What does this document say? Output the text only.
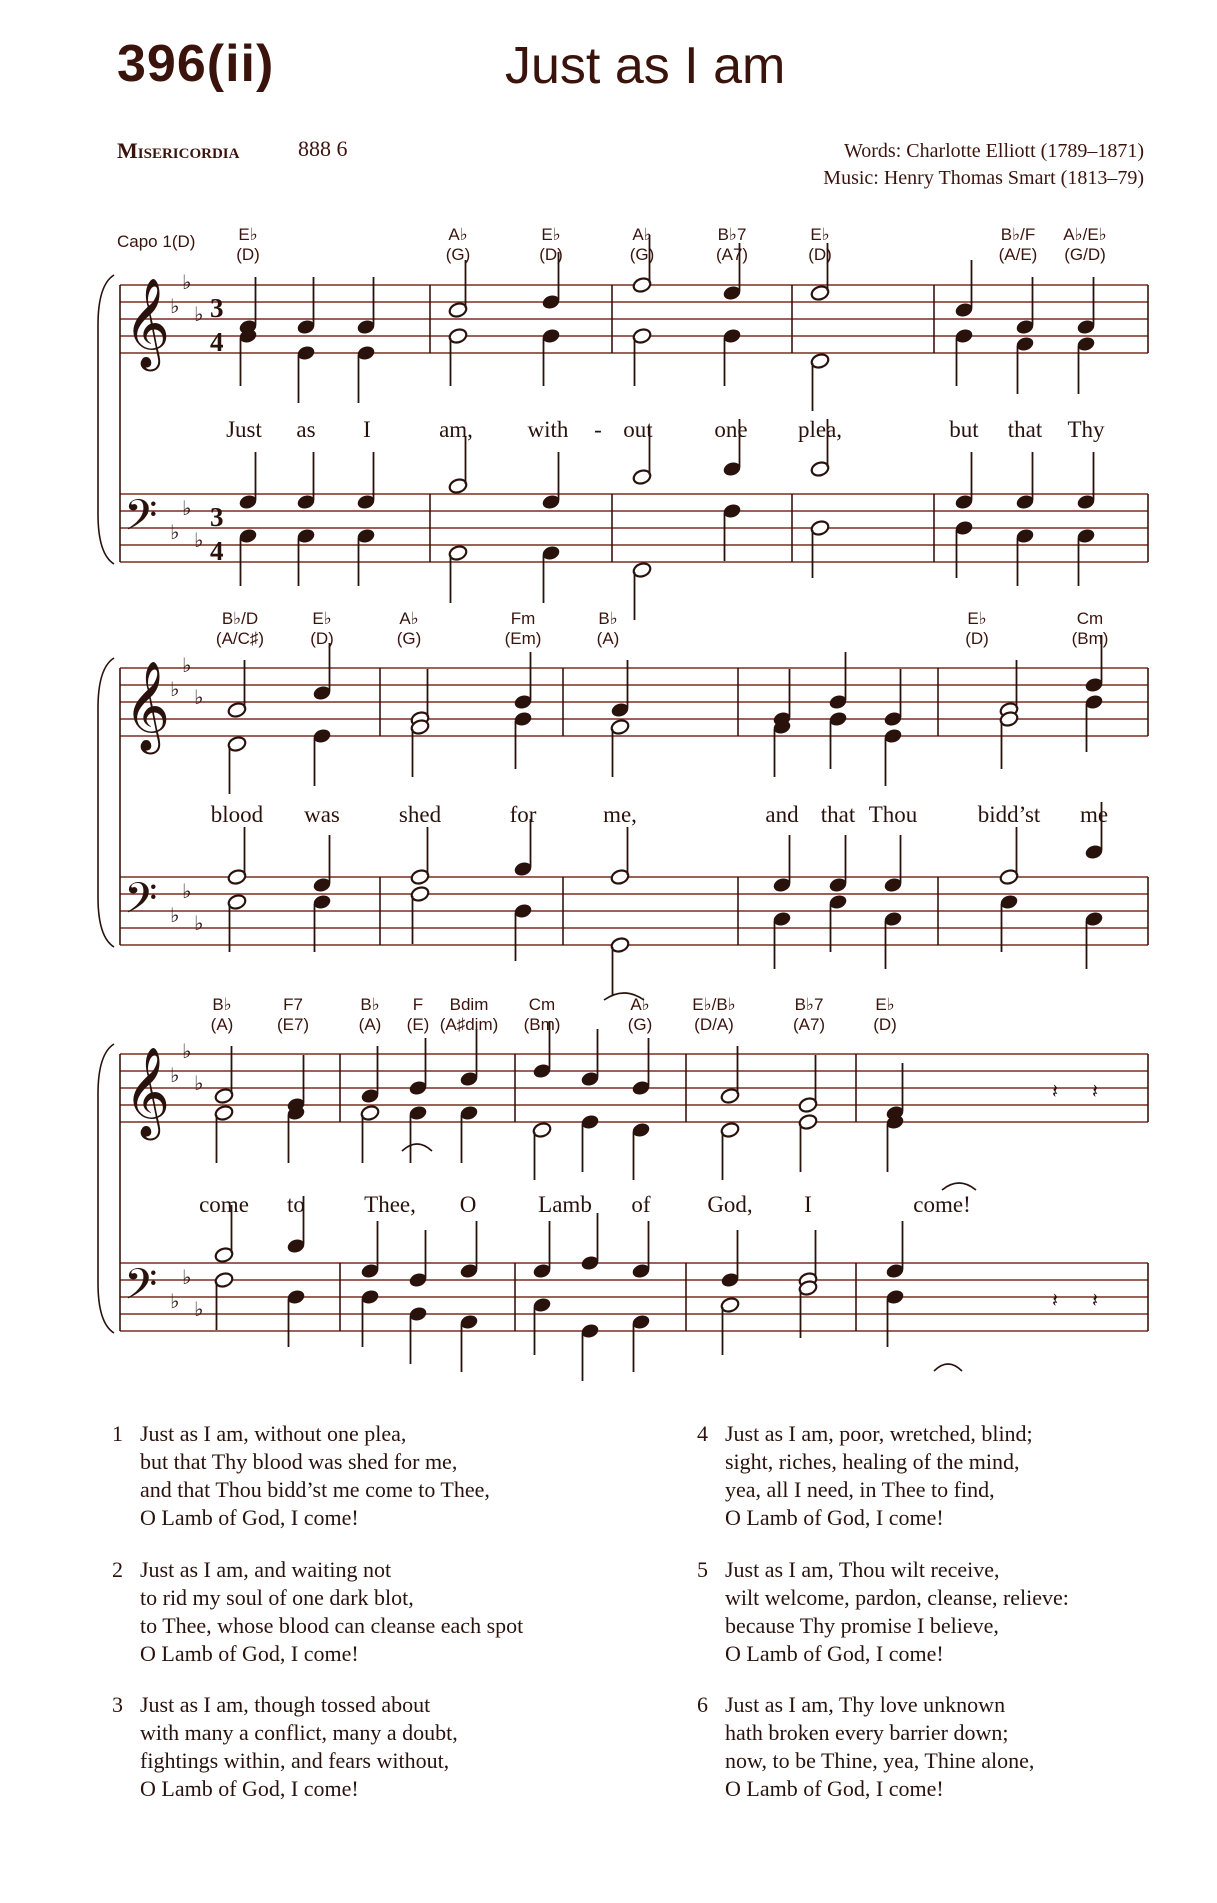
396(ii)	Just as I am
Misericordia	888 6	Words: Charlotte Elliott (1789–1871)
Music: Henry Thomas Smart (1813–79)
Capo 1(D)	E♭
(D)
A♭
(G)
E♭
(D)
A♭
(G)
B♭7
(A7)
E♭
(D)
B♭/F
(A/E)
A♭/E♭
(G/D)
B♭/D
(A/C♯)
E♭
(D)
A♭
(G)
Fm
(Em)
B♭
(A)
E♭
(D)
Cm
(Bm)
B♭
(A)
F7
(E7)
B♭
(A)
F
(E)
Bdim
(A♯dim)
Cm
(Bm)
A♭
(G)
E♭/B♭
(D/A)
B♭7
(A7)
E♭
(D)
𝄞 ♭
♭
♭ 3
4
𝄢 ♭
♭
♭
3
4
𝄞 ♭
♭
♭
𝄢 ♭
♭
♭
𝄞 ♭
♭
♭
𝄢 ♭
♭
♭
𝄽 𝄽
𝄽 𝄽
Just as I	am, with - out	one plea,	but that Thy
blood was	shed	for	me,	and that Thou	bidd’st me
come to	Thee, O	Lamb of God, I	come!
1 Just as I am, without one plea,
but that Thy blood was shed for me,
and that Thou bidd’st me come to Thee,
O Lamb of God, I come!
2 Just as I am, and waiting not
to rid my soul of one dark blot,
to Thee, whose blood can cleanse each spot
O Lamb of God, I come!
3 Just as I am, though tossed about
with many a conflict, many a doubt,
fightings within, and fears without,
O Lamb of God, I come!
4 Just as I am, poor, wretched, blind;
sight, riches, healing of the mind,
yea, all I need, in Thee to find,
O Lamb of God, I come!
5 Just as I am, Thou wilt receive,
wilt welcome, pardon, cleanse, relieve:
because Thy promise I believe,
O Lamb of God, I come!
6 Just as I am, Thy love unknown
hath broken every barrier down;
now, to be Thine, yea, Thine alone,
O Lamb of God, I come!
